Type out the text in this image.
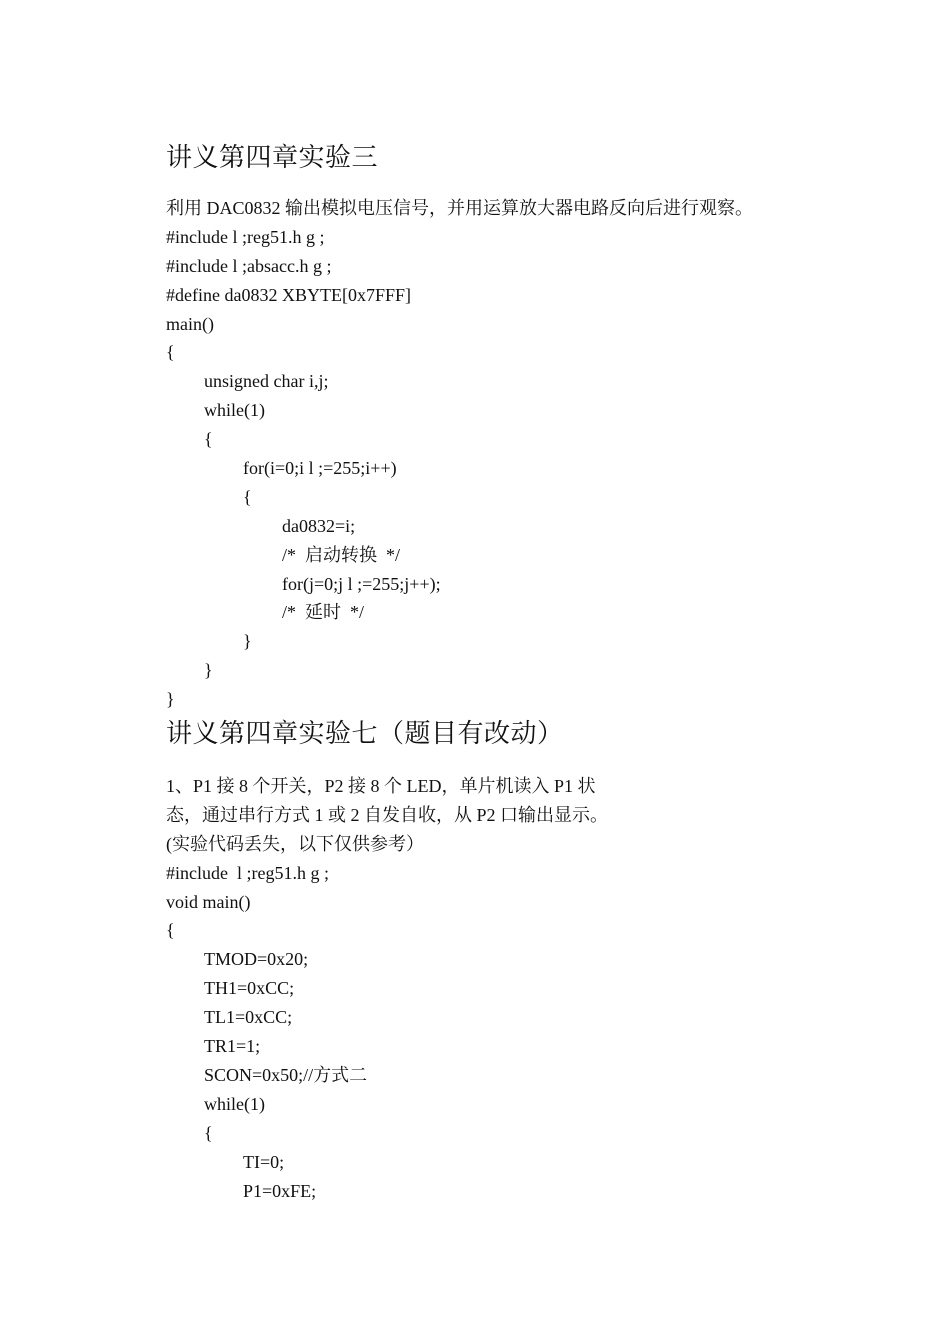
讲义第四章实验三
利用 DAC0832 输出模拟电压信号，并用运算放大器电路反向后进行观察。
#include l ;reg51.h g ;
#include l ;absacc.h g ;
#define da0832 XBYTE[0x7FFF]
main()
{
unsigned char i,j;
while(1)
{
for(i=0;i l ;=255;i++)
{
da0832=i;
/*  启动转换  */
for(j=0;j l ;=255;j++);
/*  延时  */
}
}
}
讲义第四章实验七（题目有改动）
1、P1 接 8 个开关，P2 接 8 个 LED，单片机读入 P1 状
态，通过串行方式 1 或 2 自发自收，从 P2 口输出显示。
(实验代码丢失，以下仅供参考）
#include  l ;reg51.h g ;
void main()
{
TMOD=0x20;
TH1=0xCC;
TL1=0xCC;
TR1=1;
SCON=0x50;//方式二
while(1)
{
TI=0;
P1=0xFE;
